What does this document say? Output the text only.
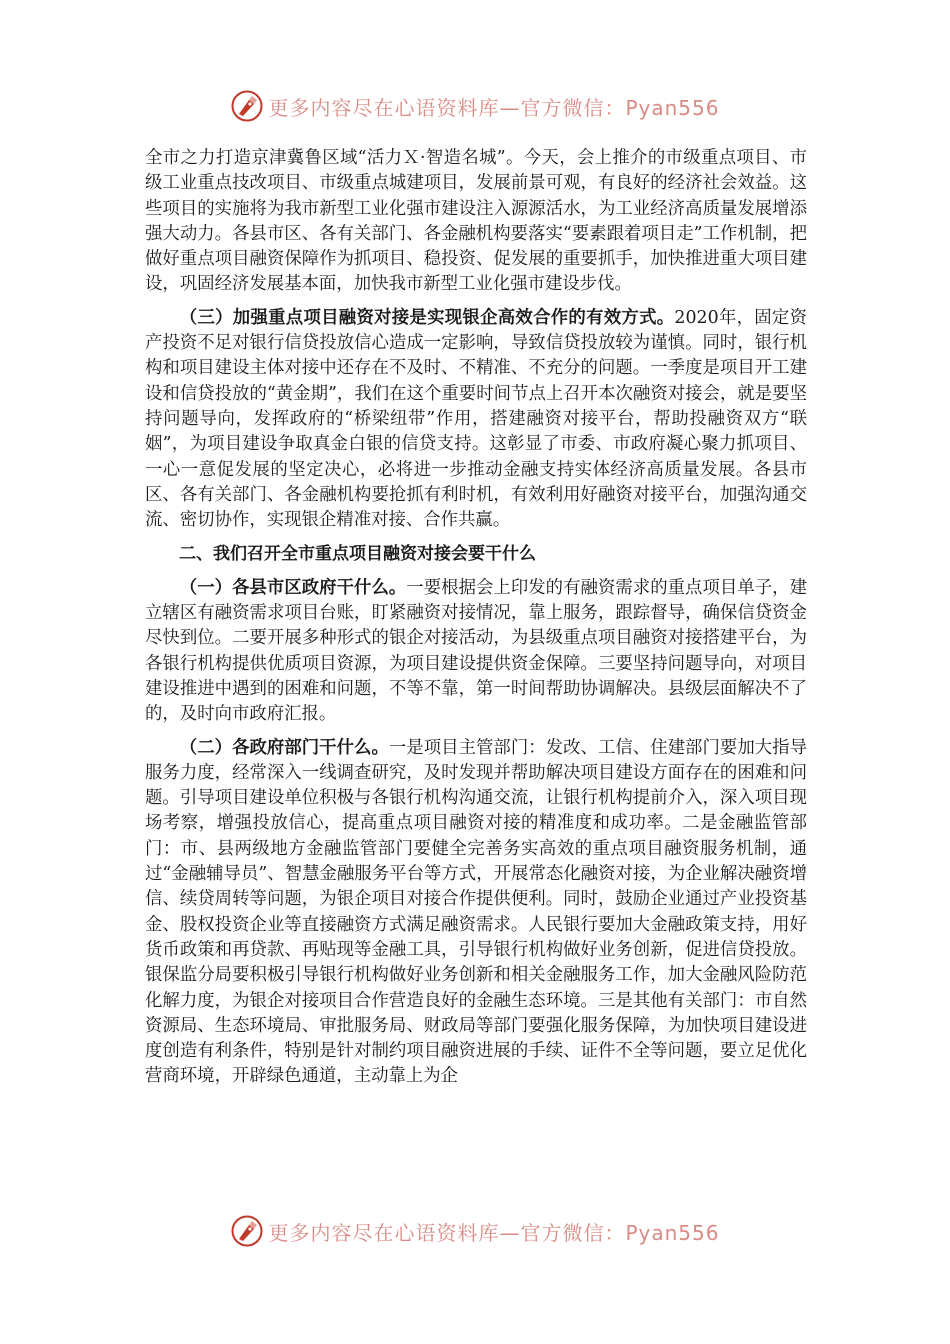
更多内容尽在心语资料库—官方微信：Pyan556

全市之力打造京津冀鲁区域“活力Ｘ·智造名城”。今天，会上推介的市级重点项目、市级工业重点技改项目、市级重点城建项目，发展前景可观，有良好的经济社会效益。这些项目的实施将为我市新型工业化强市建设注入源源活水，为工业经济高质量发展增添强大动力。各县市区、各有关部门、各金融机构要落实“要素跟着项目走”工作机制，把做好重点项目融资保障作为抓项目、稳投资、促发展的重要抓手，加快推进重大项目建设，巩固经济发展基本面，加快我市新型工业化强市建设步伐。

（三）加强重点项目融资对接是实现银企高效合作的有效方式。2020年，固定资产投资不足对银行信贷投放信心造成一定影响，导致信贷投放较为谨慎。同时，银行机构和项目建设主体对接中还存在不及时、不精准、不充分的问题。一季度是项目开工建设和信贷投放的“黄金期”，我们在这个重要时间节点上召开本次融资对接会，就是要坚持问题导向，发挥政府的“桥梁纽带”作用，搭建融资对接平台，帮助投融资双方“联姻”，为项目建设争取真金白银的信贷支持。这彰显了市委、市政府凝心聚力抓项目、一心一意促发展的坚定决心，必将进一步推动金融支持实体经济高质量发展。各县市区、各有关部门、各金融机构要抢抓有利时机，有效利用好融资对接平台，加强沟通交流、密切协作，实现银企精准对接、合作共赢。

二、我们召开全市重点项目融资对接会要干什么

（一）各县市区政府干什么。一要根据会上印发的有融资需求的重点项目单子，建立辖区有融资需求项目台账，盯紧融资对接情况，靠上服务，跟踪督导，确保信贷资金尽快到位。二要开展多种形式的银企对接活动，为县级重点项目融资对接搭建平台，为各银行机构提供优质项目资源，为项目建设提供资金保障。三要坚持问题导向，对项目建设推进中遇到的困难和问题，不等不靠，第一时间帮助协调解决。县级层面解决不了的，及时向市政府汇报。

（二）各政府部门干什么。一是项目主管部门：发改、工信、住建部门要加大指导服务力度，经常深入一线调查研究，及时发现并帮助解决项目建设方面存在的困难和问题。引导项目建设单位积极与各银行机构沟通交流，让银行机构提前介入，深入项目现场考察，增强投放信心，提高重点项目融资对接的精准度和成功率。二是金融监管部门：市、县两级地方金融监管部门要健全完善务实高效的重点项目融资服务机制，通过“金融辅导员”、智慧金融服务平台等方式，开展常态化融资对接，为企业解决融资增信、续贷周转等问题，为银企项目对接合作提供便利。同时，鼓励企业通过产业投资基金、股权投资企业等直接融资方式满足融资需求。人民银行要加大金融政策支持，用好货币政策和再贷款、再贴现等金融工具，引导银行机构做好业务创新，促进信贷投放。银保监分局要积极引导银行机构做好业务创新和相关金融服务工作，加大金融风险防范化解力度，为银企对接项目合作营造良好的金融生态环境。三是其他有关部门：市自然资源局、生态环境局、审批服务局、财政局等部门要强化服务保障，为加快项目建设进度创造有利条件，特别是针对制约项目融资进展的手续、证件不全等问题，要立足优化营商环境，开辟绿色通道，主动靠上为企

更多内容尽在心语资料库—官方微信：Pyan556
